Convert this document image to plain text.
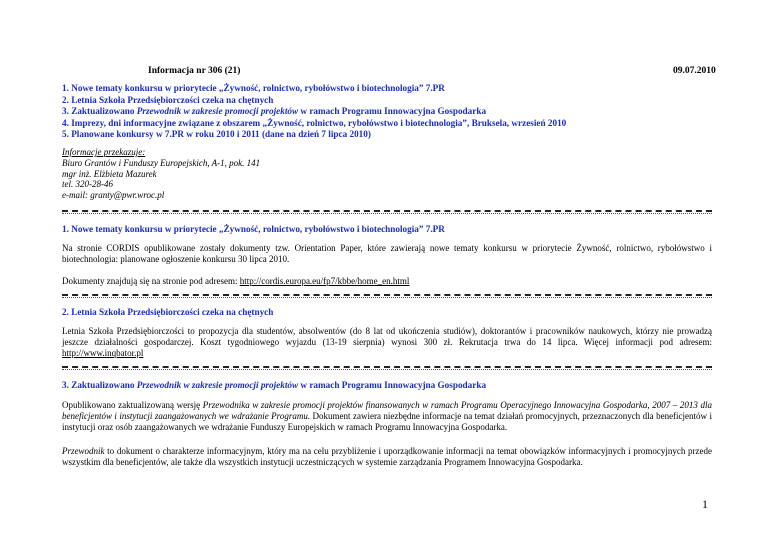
Informacja nr 306 (21)	09.07.2010
1. Nowe tematy konkursu w priorytecie „Żywność, rolnictwo, rybołówstwo i biotechnologia” 7.PR
2. Letnia Szkoła Przedsiębiorczości czeka na chętnych
3. Zaktualizowano Przewodnik w zakresie promocji projektów w ramach Programu Innowacyjna Gospodarka
4. Imprezy, dni informacyjne związane z obszarem „Żywność, rolnictwo, rybołówstwo i biotechnologia”, Bruksela, wrzesień 2010
5. Planowane konkursy w 7.PR w roku 2010 i 2011 (dane na dzień 7 lipca 2010)
Informacje przekazuje:
Biuro Grantów i Funduszy Europejskich, A-1, pok. 141
mgr inż. Elżbieta Mazurek
tel. 320-28-46
e-mail: granty@pwr.wroc.pl
1. Nowe tematy konkursu w priorytecie „Żywność, rolnictwo, rybołówstwo i biotechnologia” 7.PR
Na stronie CORDIS opublikowane zostały dokumenty tzw. Orientation Paper, które zawierają nowe tematy konkursu w priorytecie Żywność, rolnictwo, rybołówstwo i biotechnologia: planowane ogłoszenie konkursu 30 lipca 2010.
Dokumenty znajdują się na stronie pod adresem: http://cordis.europa.eu/fp7/kbbe/home_en.html
2. Letnia Szkoła Przedsiębiorczości czeka na chętnych
Letnia Szkoła Przedsiębiorczości to propozycja dla studentów, absolwentów (do 8 lat od ukończenia studiów), doktorantów i pracowników naukowych, którzy nie prowadzą jeszcze działalności gospodarczej. Koszt tygodniowego wyjazdu (13-19 sierpnia) wynosi 300 zł. Rekrutacja trwa do 14 lipca. Więcej informacji pod adresem: http://www.inqbator.pl
3. Zaktualizowano Przewodnik w zakresie promocji projektów w ramach Programu Innowacyjna Gospodarka
Opublikowano zaktualizowaną wersję Przewodnika w zakresie promocji projektów finansowanych w ramach Programu Operacyjnego Innowacyjna Gospodarka, 2007 – 2013 dla beneficjentów i instytucji zaangażowanych we wdrażanie Programu. Dokument zawiera niezbędne informacje na temat działań promocyjnych, przeznaczonych dla beneficjentów i instytucji oraz osób zaangażowanych we wdrażanie Funduszy Europejskich w ramach Programu Innowacyjna Gospodarka.
Przewodnik to dokument o charakterze informacyjnym, który ma na celu przybliżenie i uporządkowanie informacji na temat obowiązków informacyjnych i promocyjnych przede wszystkim dla beneficjentów, ale także dla wszystkich instytucji uczestniczących w systemie zarządzania Programem Innowacyjna Gospodarka.
1
